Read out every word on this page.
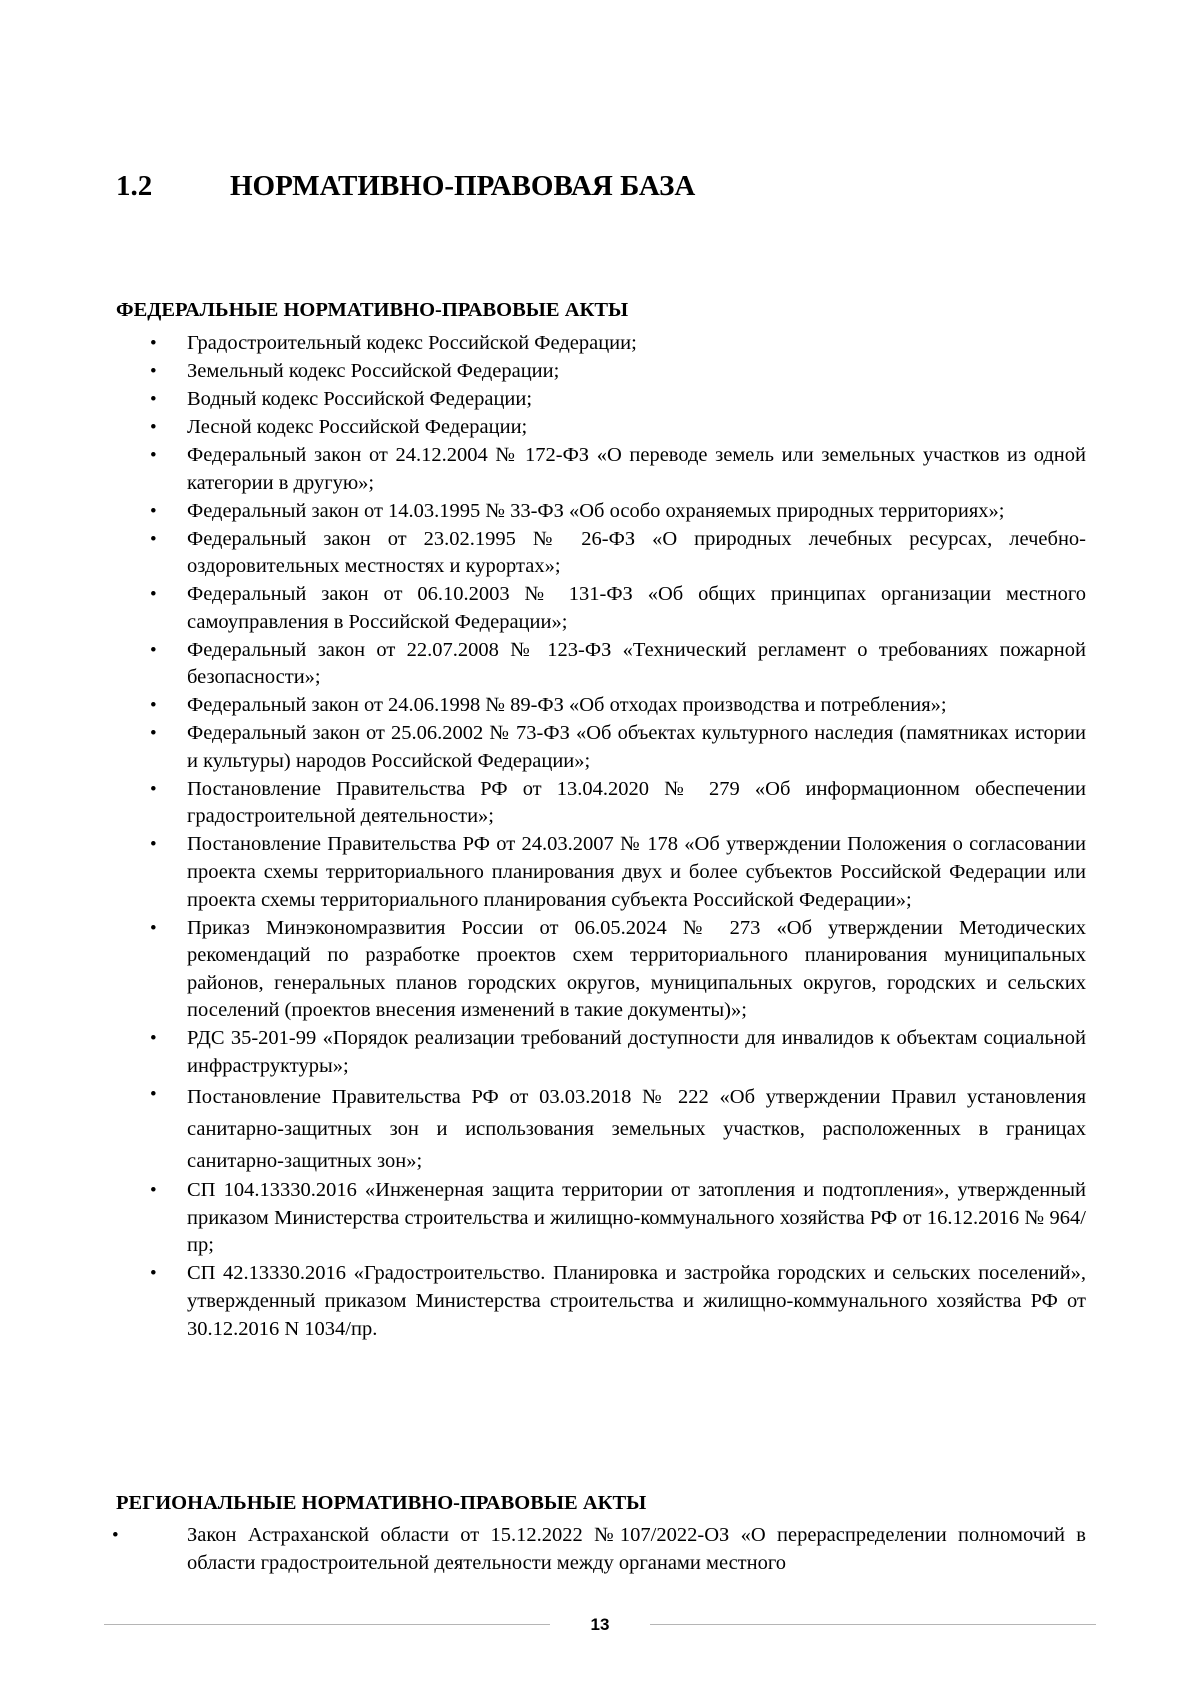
1.2	НОРМАТИВНО-ПРАВОВАЯ БАЗА
ФЕДЕРАЛЬНЫЕ НОРМАТИВНО-ПРАВОВЫЕ АКТЫ
•	Градостроительный кодекс Российской Федерации;
•	Земельный кодекс Российской Федерации;
•	Водный кодекс Российской Федерации;
•	Лесной кодекс Российской Федерации;
•	Федеральный закон от 24.12.2004 № 172-ФЗ «О переводе земель или земельных участков из одной категории в другую»;
•	Федеральный закон от 14.03.1995 № 33-ФЗ «Об особо охраняемых природных территориях»;
•	Федеральный закон от 23.02.1995 № 26-ФЗ «О природных лечебных ресурсах, лечебно-оздоровительных местностях и курортах»;
•	Федеральный закон от 06.10.2003 № 131-ФЗ «Об общих принципах организации местного самоуправления в Российской Федерации»;
•	Федеральный закон от 22.07.2008 № 123-ФЗ «Технический регламент о требованиях пожарной безопасности»;
•	Федеральный закон от 24.06.1998 № 89-ФЗ «Об отходах производства и потребления»;
•	Федеральный закон от 25.06.2002 № 73-ФЗ «Об объектах культурного наследия (памятниках истории и культуры) народов Российской Федерации»;
•	Постановление Правительства РФ от 13.04.2020 № 279 «Об информационном обеспечении градостроительной деятельности»;
•	Постановление Правительства РФ от 24.03.2007 № 178 «Об утверждении Положения о согласовании проекта схемы территориального планирования двух и более субъектов Российской Федерации или проекта схемы территориального планирования субъекта Российской Федерации»;
•	Приказ Минэкономразвития России от 06.05.2024 № 273 «Об утверждении Методических рекомендаций по разработке проектов схем территориального планирования муниципальных районов, генеральных планов городских округов, муниципальных округов, городских и сельских поселений (проектов внесения изменений в такие документы)»;
•	РДС 35-201-99 «Порядок реализации требований доступности для инвалидов к объектам социальной инфраструктуры»;
•	Постановление Правительства РФ от 03.03.2018 № 222 «Об утверждении Правил установления санитарно-защитных зон и использования земельных участков, расположенных в границах санитарно-защитных зон»;
•	СП 104.13330.2016 «Инженерная защита территории от затопления и подтопления», утвержденный приказом Министерства строительства и жилищно-коммунального хозяйства РФ от 16.12.2016 № 964/пр;
•	СП 42.13330.2016 «Градостроительство. Планировка и застройка городских и сельских поселений», утвержденный приказом Министерства строительства и жилищно-коммунального хозяйства РФ от 30.12.2016 N 1034/пр.
РЕГИОНАЛЬНЫЕ НОРМАТИВНО-ПРАВОВЫЕ АКТЫ
•	Закон Астраханской области от 15.12.2022 №107/2022-ОЗ «О перераспределении полномочий в области градостроительной деятельности между органами местного
13
